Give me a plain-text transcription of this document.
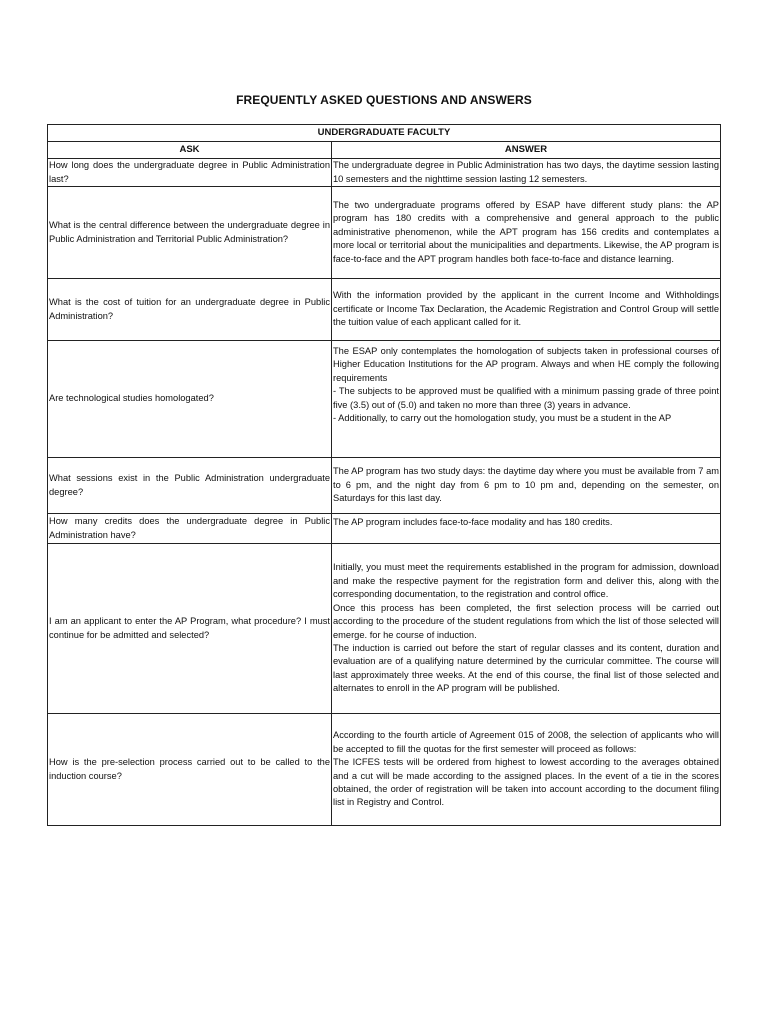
FREQUENTLY ASKED QUESTIONS AND ANSWERS
UNDERGRADUATE FACULTY	
ASK	ANSWER
How long does the undergraduate degree in Public Administration last?	The undergraduate degree in Public Administration has two days, the daytime session lasting 10 semesters and the nighttime session lasting 12 semesters.
What is the central difference between the undergraduate degree in Public Administration and Territorial Public Administration?	The two undergraduate programs offered by ESAP have different study plans: the AP program has 180 credits with a comprehensive and general approach to the public administrative phenomenon, while the APT program has 156 credits and contemplates a more local or territorial about the municipalities and departments. Likewise, the AP program is face-to-face and the APT program handles both face-to-face and distance learning.
What is the cost of tuition for an undergraduate degree in Public Administration?	With the information provided by the applicant in the current Income and Withholdings certificate or Income Tax Declaration, the Academic Registration and Control Group will settle the tuition value of each applicant called for it.
Are technological studies homologated?	The ESAP only contemplates the homologation of subjects taken in professional courses of Higher Education Institutions for the AP program. Always and when HE comply the following requirements
- The subjects to be approved must be qualified with a minimum passing grade of three point five (3.5) out of (5.0) and taken no more than three (3) years in advance.
- Additionally, to carry out the homologation study, you must be a student in the AP

What sessions exist in the Public Administration undergraduate degree?	The AP program has two study days: the daytime day where you must be available from 7 am to 6 pm, and the night day from 6 pm to 10 pm and, depending on the semester, on Saturdays for this last day.
How many credits does the undergraduate degree in Public Administration have?	The AP program includes face-to-face modality and has 180 credits.
I am an applicant to enter the AP Program, what procedure? I must continue for be admitted and selected?	Initially, you must meet the requirements established in the program for admission, download and make the respective payment for the registration form and deliver this, along with the corresponding documentation, to the registration and control office.
Once this process has been completed, the first selection process will be carried out according to the procedure of the student regulations from which the list of those selected will emerge. for he course of induction.
The induction is carried out before the start of regular classes and its content, duration and evaluation are of a qualifying nature determined by the curricular committee. The course will last approximately three weeks. At the end of this course, the final list of those selected and alternates to enroll in the AP program will be published.

How is the pre-selection process carried out to be called to the induction course?	According to the fourth article of Agreement 015 of 2008, the selection of applicants who will be accepted to fill the quotas for the first semester will proceed as follows:
The ICFES tests will be ordered from highest to lowest according to the averages obtained and a cut will be made according to the assigned places. In the event of a tie in the scores obtained, the order of registration will be taken into account according to the document filing list in Registry and Control.
